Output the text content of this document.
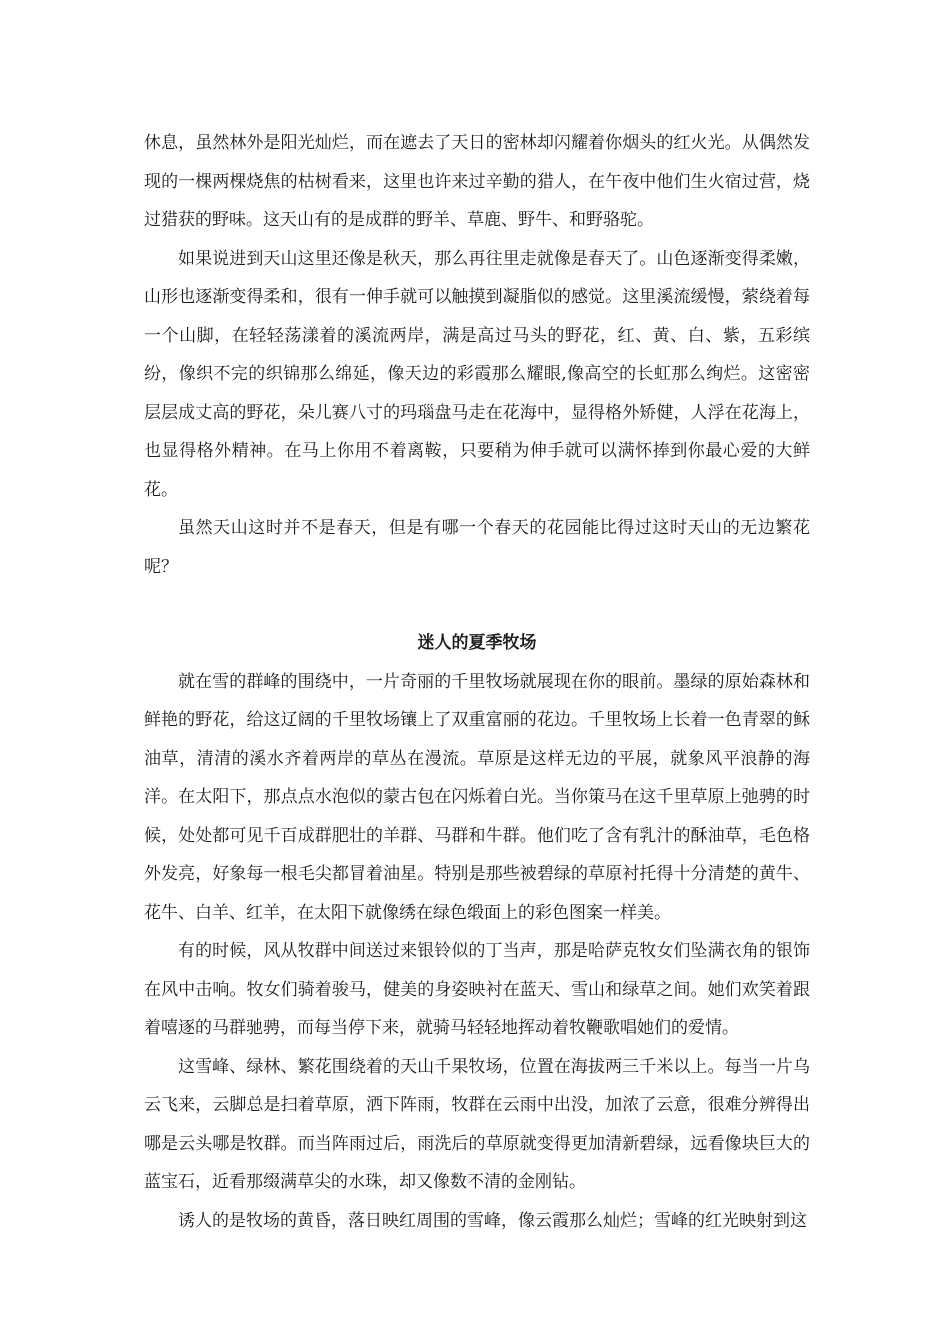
休息，虽然林外是阳光灿烂，而在遮去了天日的密林却闪耀着你烟头的红火光。从偶然发现的一棵两棵烧焦的枯树看来，这里也许来过辛勤的猎人，在午夜中他们生火宿过营，烧过猎获的野味。这天山有的是成群的野羊、草鹿、野牛、和野骆驼。

如果说进到天山这里还像是秋天，那么再往里走就像是春天了。山色逐渐变得柔嫩，山形也逐渐变得柔和，很有一伸手就可以触摸到凝脂似的感觉。这里溪流缓慢，萦绕着每一个山脚，在轻轻荡漾着的溪流两岸，满是高过马头的野花，红、黄、白、紫，五彩缤纷，像织不完的织锦那么绵延，像天边的彩霞那么耀眼,像高空的长虹那么绚烂。这密密层层成丈高的野花，朵儿赛八寸的玛瑙盘马走在花海中，显得格外矫健，人浮在花海上，也显得格外精神。在马上你用不着离鞍，只要稍为伸手就可以满怀捧到你最心爱的大鲜花。

虽然天山这时并不是春天，但是有哪一个春天的花园能比得过这时天山的无边繁花呢？

迷人的夏季牧场

就在雪的群峰的围绕中，一片奇丽的千里牧场就展现在你的眼前。墨绿的原始森林和鲜艳的野花，给这辽阔的千里牧场镶上了双重富丽的花边。千里牧场上长着一色青翠的稣油草，清清的溪水齐着两岸的草丛在漫流。草原是这样无边的平展，就象风平浪静的海洋。在太阳下，那点点水泡似的蒙古包在闪烁着白光。当你策马在这千里草原上弛骋的时候，处处都可见千百成群肥壮的羊群、马群和牛群。他们吃了含有乳汁的酥油草，毛色格外发亮，好象每一根毛尖都冒着油星。特别是那些被碧绿的草原衬托得十分清楚的黄牛、花牛、白羊、红羊，在太阳下就像绣在绿色缎面上的彩色图案一样美。

有的时候，风从牧群中间送过来银铃似的丁当声，那是哈萨克牧女们坠满衣角的银饰在风中击响。牧女们骑着骏马，健美的身姿映衬在蓝天、雪山和绿草之间。她们欢笑着跟着嘻逐的马群驰骋，而每当停下来，就骑马轻轻地挥动着牧鞭歌唱她们的爱情。

这雪峰、绿林、繁花围绕着的天山千果牧场，位置在海拔两三千米以上。每当一片乌云飞来，云脚总是扫着草原，洒下阵雨，牧群在云雨中出没，加浓了云意，很难分辨得出哪是云头哪是牧群。而当阵雨过后，雨洗后的草原就变得更加清新碧绿，远看像块巨大的蓝宝石，近看那缀满草尖的水珠，却又像数不清的金刚钻。

诱人的是牧场的黄昏，落日映红周围的雪峰，像云霞那么灿烂；雪峰的红光映射到这
